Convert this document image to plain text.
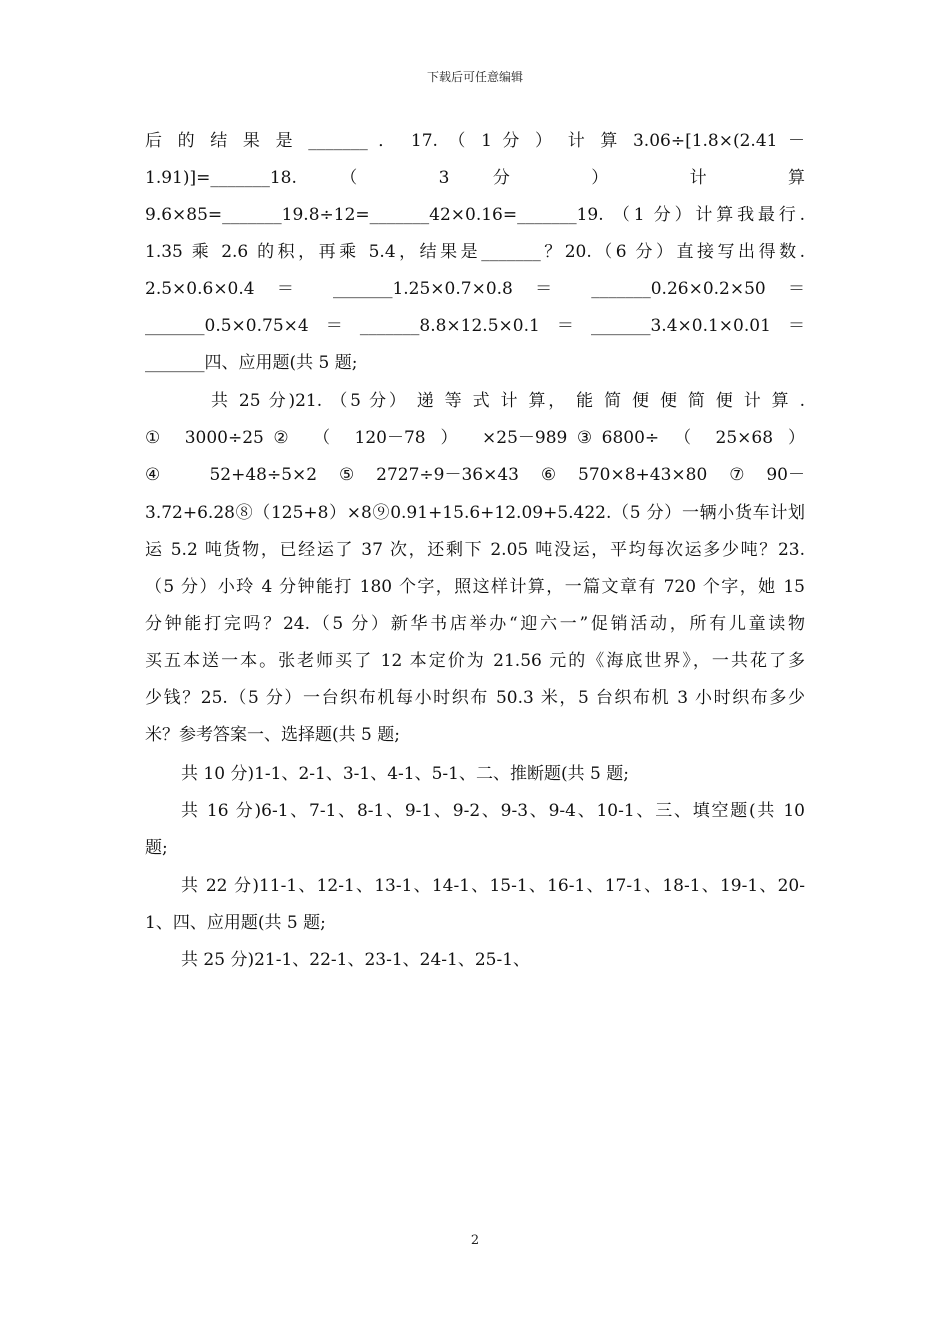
下载后可任意编辑
后 的 结 果 是 _______ ． 17. （ 1 分 ） 计 算 3.06÷[1.8×(2.41 －
1.91)]=_______18. （ 3 分 ） 计 算
9.6×85=_______19.8÷12=_______42×0.16=_______19. （1 分）计算我最行.
1.35 乘 2.6 的积，再乘 5.4，结果是_______？20.（6 分）直接写出得数.
2.5×0.6×0.4 ＝ _______1.25×0.7×0.8 ＝ _______0.26×0.2×50 ＝
_______0.5×0.75×4＝_______8.8×12.5×0.1＝_______3.4×0.1×0.01＝
_______四、应用题(共 5 题;
共 25 分)21. （5 分） 递 等 式 计 算， 能 简 便 便 简 便 计 算 .
① 3000÷25② （ 120－78 ） ×25－989③6800÷ （ 25×68 ）
④ 52+48÷5×2⑤2727÷9－36×43⑥570×8+43×80⑦90－
3.72+6.28⑧（125+8）×8⑨0.91+15.6+12.09+5.422.（5 分）一辆小货车计划
运 5.2 吨货物，已经运了 37 次，还剩下 2.05 吨没运，平均每次运多少吨？23.
（5 分）小玲 4 分钟能打 180 个字，照这样计算，一篇文章有 720 个字，她 15
分钟能打完吗？24.（5 分）新华书店举办“迎六一”促销活动，所有儿童读物
买五本送一本。张老师买了 12 本定价为 21.56 元的《海底世界》，一共花了多
少钱？25.（5 分）一台织布机每小时织布 50.3 米，5 台织布机 3 小时织布多少
米？参考答案一、选择题(共 5 题;
共 10 分)1-1、2-1、3-1、4-1、5-1、二、推断题(共 5 题;
共 16 分)6-1、7-1、8-1、9-1、9-2、9-3、9-4、10-1、三、填空题(共 10
题;
共 22 分)11-1、12-1、13-1、14-1、15-1、16-1、17-1、18-1、19-1、20-
1、四、应用题(共 5 题;
共 25 分)21-1、22-1、23-1、24-1、25-1、
2
